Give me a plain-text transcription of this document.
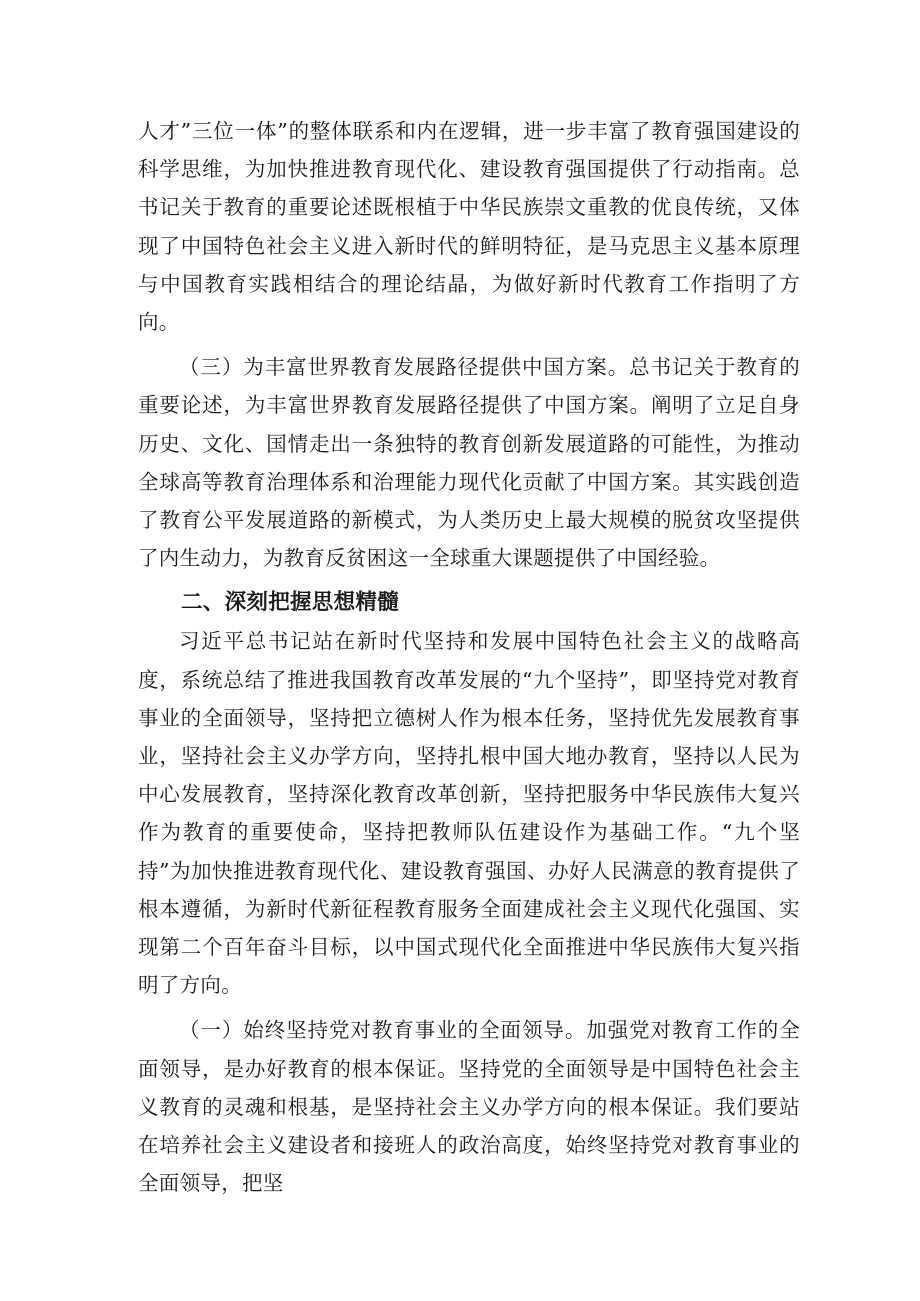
人才”三位一体”的整体联系和内在逻辑，进一步丰富了教育强国建设的科学思维，为加快推进教育现代化、建设教育强国提供了行动指南。总书记关于教育的重要论述既根植于中华民族崇文重教的优良传统，又体现了中国特色社会主义进入新时代的鲜明特征，是马克思主义基本原理与中国教育实践相结合的理论结晶，为做好新时代教育工作指明了方向。

（三）为丰富世界教育发展路径提供中国方案。总书记关于教育的重要论述，为丰富世界教育发展路径提供了中国方案。阐明了立足自身历史、文化、国情走出一条独特的教育创新发展道路的可能性，为推动全球高等教育治理体系和治理能力现代化贡献了中国方案。其实践创造了教育公平发展道路的新模式，为人类历史上最大规模的脱贫攻坚提供了内生动力，为教育反贫困这一全球重大课题提供了中国经验。

二、深刻把握思想精髓

习近平总书记站在新时代坚持和发展中国特色社会主义的战略高度，系统总结了推进我国教育改革发展的“九个坚持”，即坚持党对教育事业的全面领导，坚持把立德树人作为根本任务，坚持优先发展教育事业，坚持社会主义办学方向，坚持扎根中国大地办教育，坚持以人民为中心发展教育，坚持深化教育改革创新，坚持把服务中华民族伟大复兴作为教育的重要使命，坚持把教师队伍建设作为基础工作。“九个坚持”为加快推进教育现代化、建设教育强国、办好人民满意的教育提供了根本遵循，为新时代新征程教育服务全面建成社会主义现代化强国、实现第二个百年奋斗目标，以中国式现代化全面推进中华民族伟大复兴指明了方向。

（一）始终坚持党对教育事业的全面领导。加强党对教育工作的全面领导，是办好教育的根本保证。坚持党的全面领导是中国特色社会主义教育的灵魂和根基，是坚持社会主义办学方向的根本保证。我们要站在培养社会主义建设者和接班人的政治高度，始终坚持党对教育事业的全面领导，把坚
